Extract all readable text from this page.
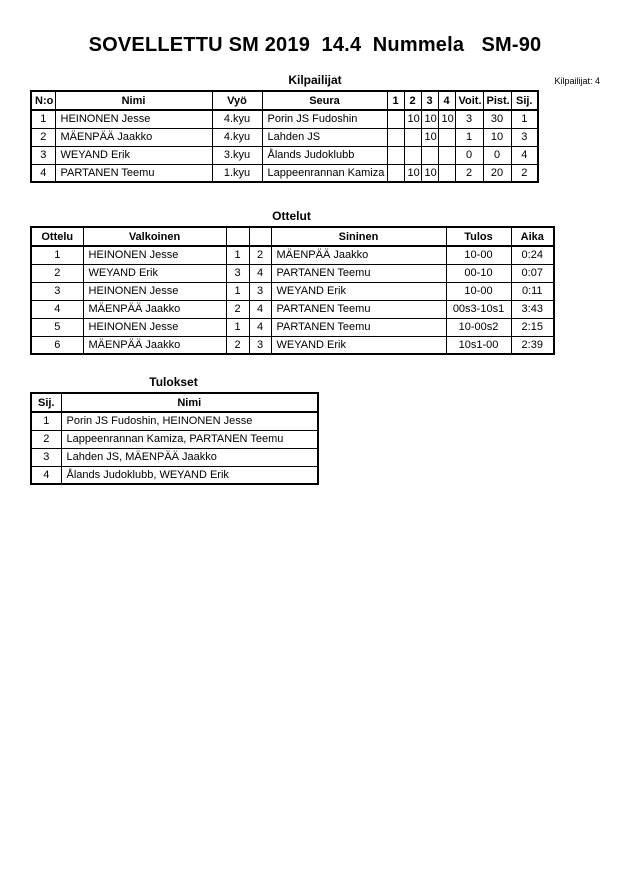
SOVELLETTU SM 2019  14.4  Nummela   SM-90
Kilpailijat	Kilpailijat: 4
N:o	Nimi	Vyö	Seura	1	2	3	4	Voit.	Pist.	Sij.
1	HEINONEN Jesse	4.kyu	Porin JS Fudoshin		10	10	10	3	30	1
2	MÄENPÄÄ Jaakko	4.kyu	Lahden JS			10		1	10	3
3	WEYAND Erik	3.kyu	Ålands Judoklubb					0	0	4
4	PARTANEN Teemu	1.kyu	Lappeenrannan Kamiza		10	10		2	20	2
Ottelut
Ottelu	Valkoinen			Sininen	Tulos	Aika
1	HEINONEN Jesse	1	2	MÄENPÄÄ Jaakko	10-00	0:24
2	WEYAND Erik	3	4	PARTANEN Teemu	00-10	0:07
3	HEINONEN Jesse	1	3	WEYAND Erik	10-00	0:11
4	MÄENPÄÄ Jaakko	2	4	PARTANEN Teemu	00s3-10s1	3:43
5	HEINONEN Jesse	1	4	PARTANEN Teemu	10-00s2	2:15
6	MÄENPÄÄ Jaakko	2	3	WEYAND Erik	10s1-00	2:39
Tulokset
Sij.	Nimi
1	Porin JS Fudoshin, HEINONEN Jesse
2	Lappeenrannan Kamiza, PARTANEN Teemu
3	Lahden JS, MÄENPÄÄ Jaakko
4	Ålands Judoklubb, WEYAND Erik
